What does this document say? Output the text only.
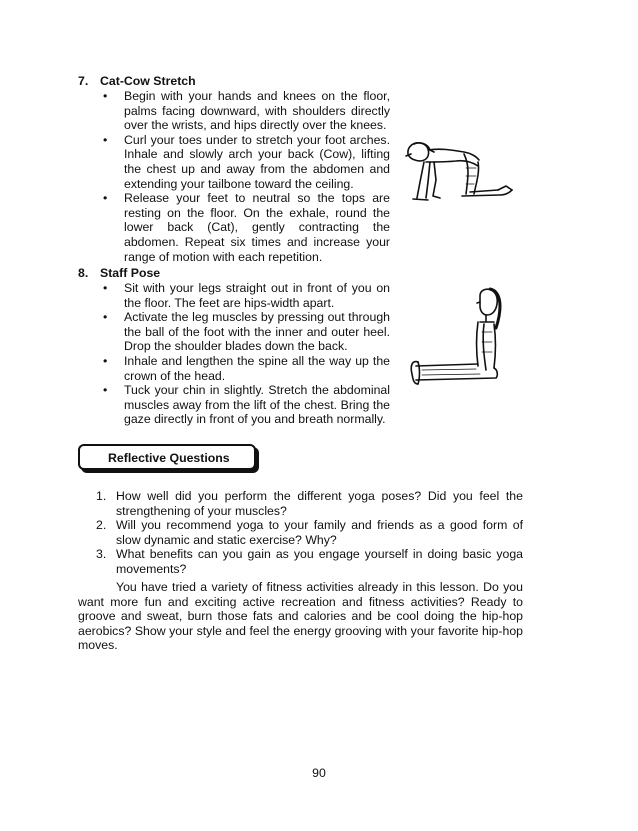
7. Cat-Cow Stretch
• Begin with your hands and knees on the floor, palms facing downward, with shoulders directly over the wrists, and hips directly over the knees.
• Curl your toes under to stretch your foot arches. Inhale and slowly arch your back (Cow), lifting the chest up and away from the abdomen and extending your tailbone toward the ceiling.
• Release your feet to neutral so the tops are resting on the floor. On the exhale, round the lower back (Cat), gently contracting the abdomen. Repeat six times and increase your range of motion with each repetition.
8. Staff Pose
• Sit with your legs straight out in front of you on the floor. The feet are hips-width apart.
• Activate the leg muscles by pressing out through the ball of the foot with the inner and outer heel. Drop the shoulder blades down the back.
• Inhale and lengthen the spine all the way up the crown of the head.
• Tuck your chin in slightly. Stretch the abdominal muscles away from the lift of the chest. Bring the gaze directly in front of you and breath normally.
Reflective Questions
1. How well did you perform the different yoga poses? Did you feel the strengthening of your muscles?
2. Will you recommend yoga to your family and friends as a good form of slow dynamic and static exercise? Why?
3. What benefits can you gain as you engage yourself in doing basic yoga movements?

You have tried a variety of fitness activities already in this lesson. Do you want more fun and exciting active recreation and fitness activities? Ready to groove and sweat, burn those fats and calories and be cool doing the hip-hop aerobics? Show your style and feel the energy grooving with your favorite hip-hop moves.

90
